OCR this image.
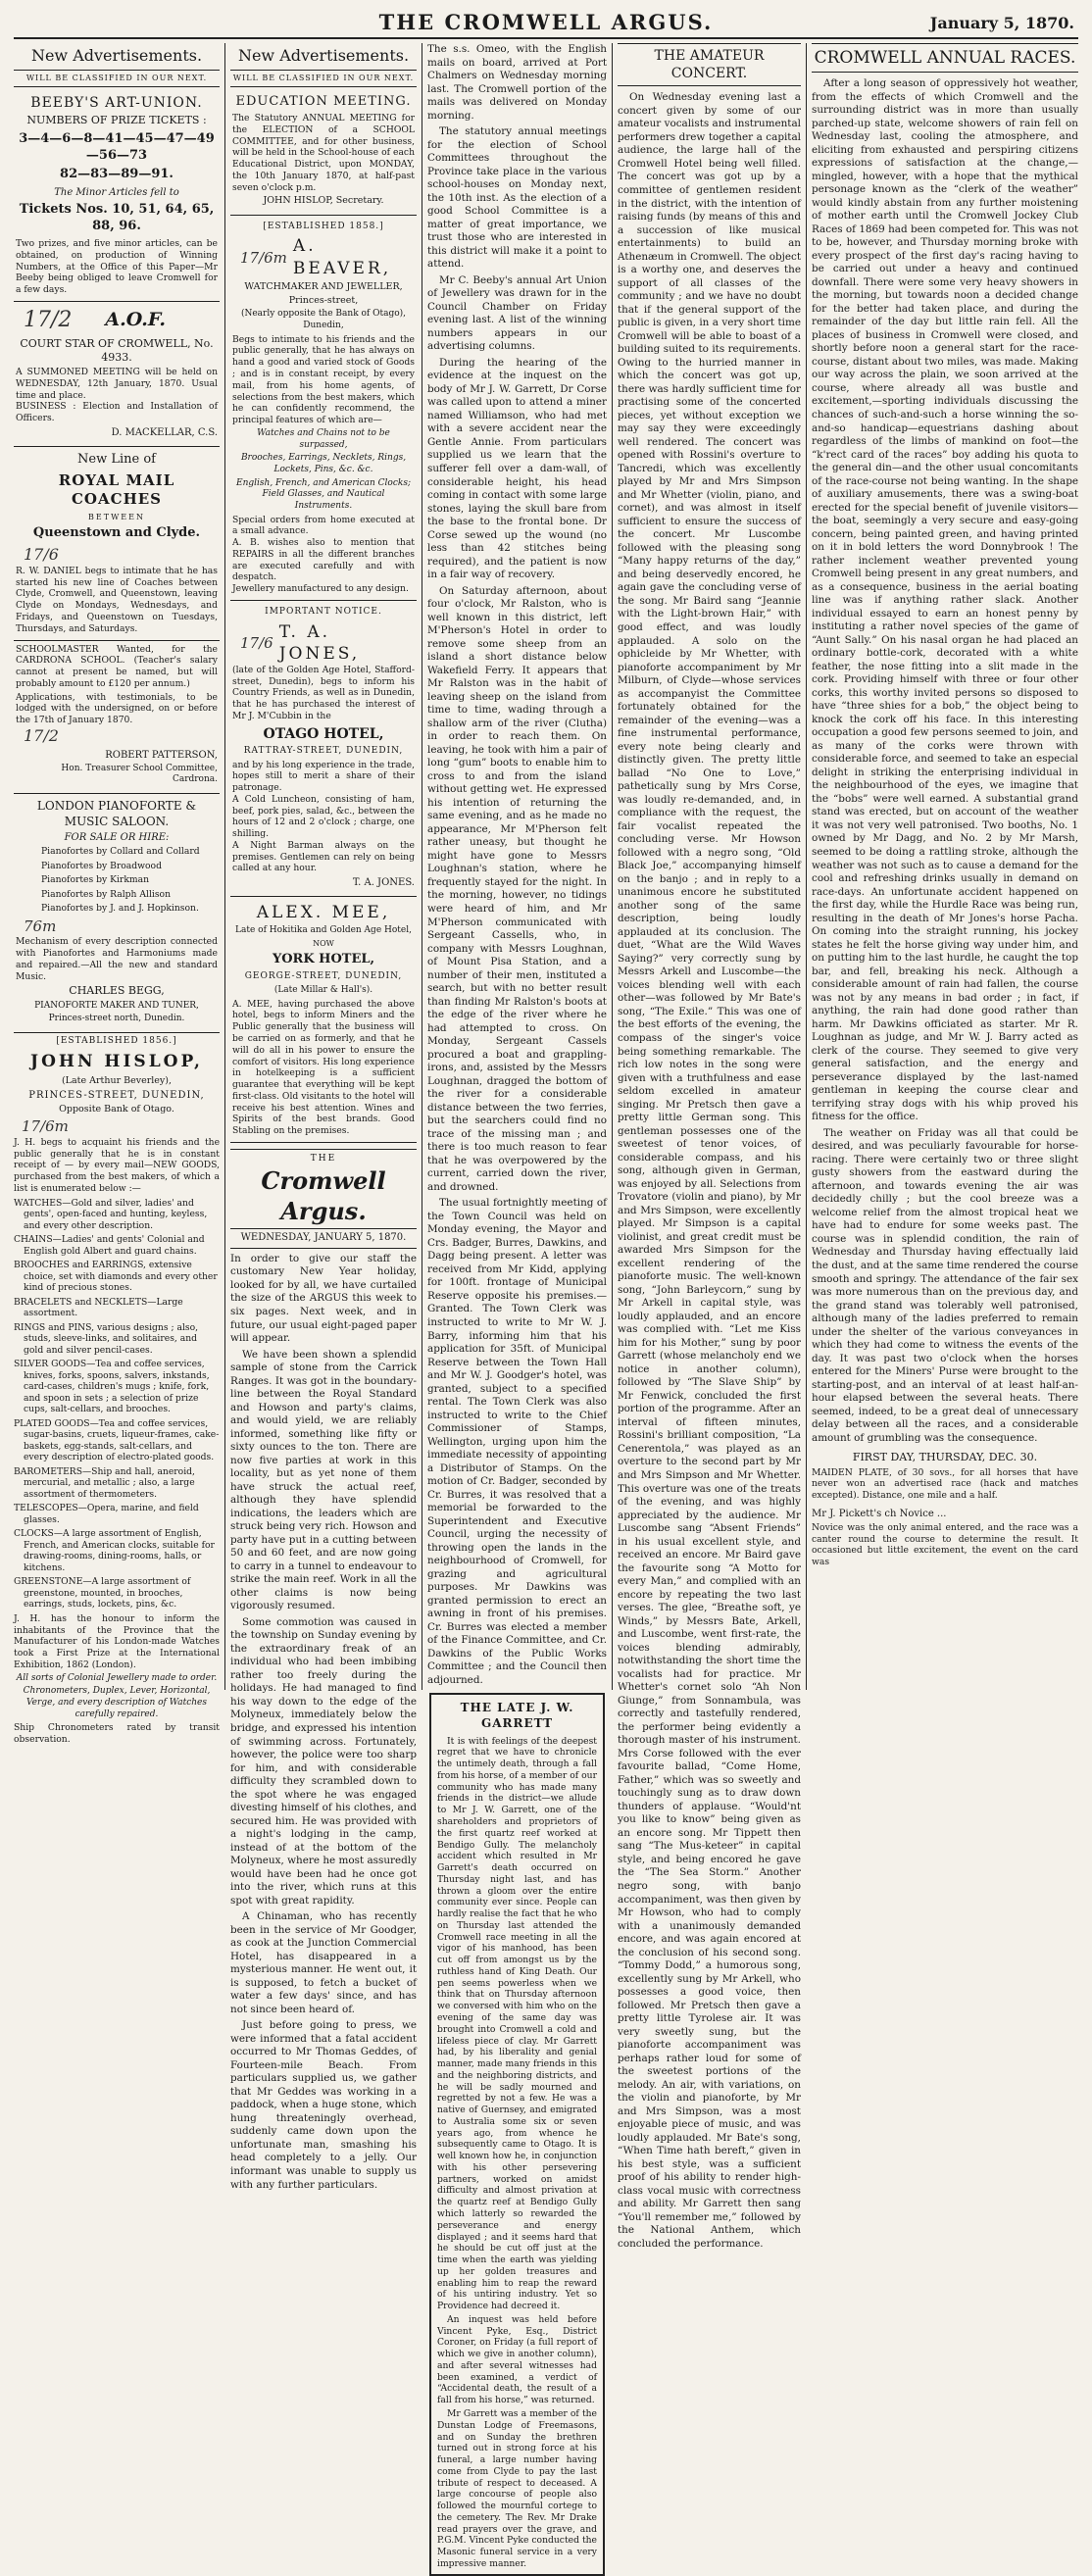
THE CROMWELL ARGUS.	January 5, 1870.
New Advertisements.
WILL BE CLASSIFIED IN OUR NEXT.
BEEBY'S ART-UNION.
NUMBERS OF PRIZE TICKETS :
3—4—6—8—41—45—47—49—56—73
82—83—89—91.
The Minor Articles fell to
Tickets Nos. 10, 51, 64, 65, 88, 96.

Two prizes, and five minor articles, can be obtained, on production of Winning Numbers, at the Office of this Paper—Mr Beeby being obliged to leave Cromwell for a few days.

17/2 A.O.F.
COURT STAR OF CROMWELL, No. 4933.

A SUMMONED MEETING will be held on WEDNESDAY, 12th January, 1870. Usual time and place.

BUSINESS : Election and Installation of Officers.

D. MACKELLAR, C.S.
New Line of
ROYAL MAIL COACHES
BETWEEN
Queenstown and Clyde.
17/6

R. W. DANIEL begs to intimate that he has started his new line of Coaches between Clyde, Cromwell, and Queenstown, leaving Clyde on Mondays, Wednesdays, and Fridays, and Queenstown on Tuesdays, Thursdays, and Saturdays.

SCHOOLMASTER Wanted, for the CARDRONA SCHOOL. (Teacher's salary cannot at present be named, but will probably amount to £120 per annum.)

Applications, with testimonials, to be lodged with the undersigned, on or before the 17th of January 1870.

17/2
ROBERT PATTERSON,
Hon. Treasurer School Committee, Cardrona.
LONDON PIANOFORTE & MUSIC SALOON.
FOR SALE OR HIRE:

Pianofortes by Collard and Collard

Pianofortes by Broadwood

Pianofortes by Kirkman

Pianofortes by Ralph Allison

Pianofortes by J. and J. Hopkinson.

76m

Mechanism of every description connected with Pianofortes and Harmoniums made and repaired.—All the new and standard Music.

CHARLES BEGG,
PIANOFORTE MAKER AND TUNER,
Princes-street north, Dunedin.
[ESTABLISHED 1856.]
JOHN HISLOP,
(Late Arthur Beverley),
PRINCES-STREET, DUNEDIN,
Opposite Bank of Otago.
17/6m

J. H. begs to acquaint his friends and the public generally that he is in constant receipt of — by every mail—NEW GOODS, purchased from the best makers, of which a list is enumerated below :—

WATCHES—Gold and silver, ladies' and gents', open-faced and hunting, keyless, and every other description.

CHAINS—Ladies' and gents' Colonial and English gold Albert and guard chains.

BROOCHES and EARRINGS, extensive choice, set with diamonds and every other kind of precious stones.

BRACELETS and NECKLETS—Large assortment.

RINGS and PINS, various designs ; also, studs, sleeve-links, and solitaires, and gold and silver pencil-cases.

SILVER GOODS—Tea and coffee services, knives, forks, spoons, salvers, inkstands, card-cases, children's mugs ; knife, fork, and spoon in sets ; a selection of prize cups, salt-cellars, and brooches.

PLATED GOODS—Tea and coffee services, sugar-basins, cruets, liqueur-frames, cake-baskets, egg-stands, salt-cellars, and every description of electro-plated goods.

BAROMETERS—Ship and hall, aneroid, mercurial, and metallic ; also, a large assortment of thermometers.

TELESCOPES—Opera, marine, and field glasses.

CLOCKS—A large assortment of English, French, and American clocks, suitable for drawing-rooms, dining-rooms, halls, or kitchens.

GREENSTONE—A large assortment of greenstone, mounted, in brooches, earrings, studs, lockets, pins, &c.

J. H. has the honour to inform the inhabitants of the Province that the Manufacturer of his London-made Watches took a First Prize at the International Exhibition, 1862 (London).

All sorts of Colonial Jewellery made to order.
Chronometers, Duplex, Lever, Horizontal, Verge, and every description of Watches carefully repaired.

Ship Chronometers rated by transit observation.

New Advertisements.
WILL BE CLASSIFIED IN OUR NEXT.
EDUCATION MEETING.

The Statutory ANNUAL MEETING for the ELECTION of a SCHOOL COMMITTEE, and for other business, will be held in the School-house of each Educational District, upon MONDAY, the 10th January 1870, at half-past seven o'clock p.m.

JOHN HISLOP, Secretary.
[ESTABLISHED 1858.]
17/6m
A. BEAVER,
WATCHMAKER AND JEWELLER,
Princes-street,
(Nearly opposite the Bank of Otago), Dunedin,

Begs to intimate to his friends and the public generally, that he has always on hand a good and varied stock of Goods ; and is in constant receipt, by every mail, from his home agents, of selections from the best makers, which he can confidently recommend, the principal features of which are—

Watches and Chains not to be surpassed,
Brooches, Earrings, Necklets, Rings, Lockets, Pins, &c. &c.
English, French, and American Clocks; Field Glasses, and Nautical Instruments.

Special orders from home executed at a small advance.

A. B. wishes also to mention that REPAIRS in all the different branches are executed carefully and with despatch.

Jewellery manufactured to any design.

IMPORTANT NOTICE.
17/6
T. A. JONES,

(late of the Golden Age Hotel, Stafford-street, Dunedin), begs to inform his Country Friends, as well as in Dunedin, that he has purchased the interest of Mr J. M'Cubbin in the

OTAGO HOTEL,
RATTRAY-STREET, DUNEDIN,

and by his long experience in the trade, hopes still to merit a share of their patronage.

A Cold Luncheon, consisting of ham, beef, pork pies, salad, &c., between the hours of 12 and 2 o'clock ; charge, one shilling.

A Night Barman always on the premises. Gentlemen can rely on being called at any hour.

T. A. JONES.
ALEX. MEE,
Late of Hokitika and Golden Age Hotel,
NOW
YORK HOTEL,
GEORGE-STREET, DUNEDIN,
(Late Millar & Hall's).

A. MEE, having purchased the above hotel, begs to inform Miners and the Public generally that the business will be carried on as formerly, and that he will do all in his power to ensure the comfort of visitors. His long experience in hotelkeeping is a sufficient guarantee that everything will be kept first-class. Old visitants to the hotel will receive his best attention. Wines and Spirits of the best brands. Good Stabling on the premises.

THE
Cromwell Argus.
WEDNESDAY, JANUARY 5, 1870.

In order to give our staff the customary New Year holiday, looked for by all, we have curtailed the size of the ARGUS this week to six pages. Next week, and in future, our usual eight-paged paper will appear.

We have been shown a splendid sample of stone from the Carrick Ranges. It was got in the boundary-line between the Royal Standard and Howson and party's claims, and would yield, we are reliably informed, something like fifty or sixty ounces to the ton. There are now five parties at work in this locality, but as yet none of them have struck the actual reef, although they have splendid indications, the leaders which are struck being very rich. Howson and party have put in a cutting between 50 and 60 feet, and are now going to carry in a tunnel to endeavour to strike the main reef. Work in all the other claims is now being vigorously resumed.

Some commotion was caused in the township on Sunday evening by the extraordinary freak of an individual who had been imbibing rather too freely during the holidays. He had managed to find his way down to the edge of the Molyneux, immediately below the bridge, and expressed his intention of swimming across. Fortunately, however, the police were too sharp for him, and with considerable difficulty they scrambled down to the spot where he was engaged divesting himself of his clothes, and secured him. He was provided with a night's lodging in the camp, instead of at the bottom of the Molyneux, where he most assuredly would have been had he once got into the river, which runs at this spot with great rapidity.

A Chinaman, who has recently been in the service of Mr Goodger, as cook at the Junction Commercial Hotel, has disappeared in a mysterious manner. He went out, it is supposed, to fetch a bucket of water a few days' since, and has not since been heard of.

Just before going to press, we were informed that a fatal accident occurred to Mr Thomas Geddes, of Fourteen-mile Beach. From particulars supplied us, we gather that Mr Geddes was working in a paddock, when a huge stone, which hung threateningly overhead, suddenly came down upon the unfortunate man, smashing his head completely to a jelly. Our informant was unable to supply us with any further particulars.

The s.s. Omeo, with the English mails on board, arrived at Port Chalmers on Wednesday morning last. The Cromwell portion of the mails was delivered on Monday morning.

The statutory annual meetings for the election of School Committees throughout the Province take place in the various school-houses on Monday next, the 10th inst. As the election of a good School Committee is a matter of great importance, we trust those who are interested in this district will make it a point to attend.

Mr C. Beeby's annual Art Union of Jewellery was drawn for in the Council Chamber on Friday evening last. A list of the winning numbers appears in our advertising columns.

During the hearing of the evidence at the inquest on the body of Mr J. W. Garrett, Dr Corse was called upon to attend a miner named Williamson, who had met with a severe accident near the Gentle Annie. From particulars supplied us we learn that the sufferer fell over a dam-wall, of considerable height, his head coming in contact with some large stones, laying the skull bare from the base to the frontal bone. Dr Corse sewed up the wound (no less than 42 stitches being required), and the patient is now in a fair way of recovery.

On Saturday afternoon, about four o'clock, Mr Ralston, who is well known in this district, left M'Pherson's Hotel in order to remove some sheep from an island a short distance below Wakefield Ferry. It appears that Mr Ralston was in the habit of leaving sheep on the island from time to time, wading through a shallow arm of the river (Clutha) in order to reach them. On leaving, he took with him a pair of long “gum” boots to enable him to cross to and from the island without getting wet. He expressed his intention of returning the same evening, and as he made no appearance, Mr M'Pherson felt rather uneasy, but thought he might have gone to Messrs Loughnan's station, where he frequently stayed for the night. In the morning, however, no tidings were heard of him, and Mr M'Pherson communicated with Sergeant Cassells, who, in company with Messrs Loughnan, of Mount Pisa Station, and a number of their men, instituted a search, but with no better result than finding Mr Ralston's boots at the edge of the river where he had attempted to cross. On Monday, Sergeant Cassels procured a boat and grappling-irons, and, assisted by the Messrs Loughnan, dragged the bottom of the river for a considerable distance between the two ferries, but the searchers could find no trace of the missing man ; and there is too much reason to fear that he was overpowered by the current, carried down the river, and drowned.

The usual fortnightly meeting of the Town Council was held on Monday evening, the Mayor and Crs. Badger, Burres, Dawkins, and Dagg being present. A letter was received from Mr Kidd, applying for 100ft. frontage of Municipal Reserve opposite his premises.—Granted. The Town Clerk was instructed to write to Mr W. J. Barry, informing him that his application for 35ft. of Municipal Reserve between the Town Hall and Mr W. J. Goodger's hotel, was granted, subject to a specified rental. The Town Clerk was also instructed to write to the Chief Commissioner of Stamps, Wellington, urging upon him the immediate necessity of appointing a Distributor of Stamps. On the motion of Cr. Badger, seconded by Cr. Burres, it was resolved that a memorial be forwarded to the Superintendent and Executive Council, urging the necessity of throwing open the lands in the neighbourhood of Cromwell, for grazing and agricultural purposes. Mr Dawkins was granted permission to erect an awning in front of his premises. Cr. Burres was elected a member of the Finance Committee, and Cr. Dawkins of the Public Works Committee ; and the Council then adjourned.

THE LATE J. W. GARRETT

It is with feelings of the deepest regret that we have to chronicle the untimely death, through a fall from his horse, of a member of our community who has made many friends in the district—we allude to Mr J. W. Garrett, one of the shareholders and proprietors of the first quartz reef worked at Bendigo Gully. The melancholy accident which resulted in Mr Garrett's death occurred on Thursday night last, and has thrown a gloom over the entire community ever since. People can hardly realise the fact that he who on Thursday last attended the Cromwell race meeting in all the vigor of his manhood, has been cut off from amongst us by the ruthless hand of King Death. Our pen seems powerless when we think that on Thursday afternoon we conversed with him who on the evening of the same day was brought into Cromwell a cold and lifeless piece of clay. Mr Garrett had, by his liberality and genial manner, made many friends in this and the neighboring districts, and he will be sadly mourned and regretted by not a few. He was a native of Guernsey, and emigrated to Australia some six or seven years ago, from whence he subsequently came to Otago. It is well known how he, in conjunction with his other persevering partners, worked on amidst difficulty and almost privation at the quartz reef at Bendigo Gully which latterly so rewarded the perseverance and energy displayed ; and it seems hard that he should be cut off just at the time when the earth was yielding up her golden treasures and enabling him to reap the reward of his untiring industry. Yet so Providence had decreed it.

An inquest was held before Vincent Pyke, Esq., District Coroner, on Friday (a full report of which we give in another column), and after several witnesses had been examined, a verdict of “Accidental death, the result of a fall from his horse,” was returned.

Mr Garrett was a member of the Dunstan Lodge of Freemasons, and on Sunday the brethren turned out in strong force at his funeral, a large number having come from Clyde to pay the last tribute of respect to deceased. A large concourse of people also followed the mournful cortege to the cemetery. The Rev. Mr Drake read prayers over the grave, and P.G.M. Vincent Pyke conducted the Masonic funeral service in a very impressive manner.

THE AMATEUR CONCERT.

On Wednesday evening last a concert given by some of our amateur vocalists and instrumental performers drew together a capital audience, the large hall of the Cromwell Hotel being well filled. The concert was got up by a committee of gentlemen resident in the district, with the intention of raising funds (by means of this and a succession of like musical entertainments) to build an Athenæum in Cromwell. The object is a worthy one, and deserves the support of all classes of the community ; and we have no doubt that if the general support of the public is given, in a very short time Cromwell will be able to boast of a building suited to its requirements. Owing to the hurried manner in which the concert was got up, there was hardly sufficient time for practising some of the concerted pieces, yet without exception we may say they were exceedingly well rendered. The concert was opened with Rossini's overture to Tancredi, which was excellently played by Mr and Mrs Simpson and Mr Whetter (violin, piano, and cornet), and was almost in itself sufficient to ensure the success of the concert. Mr Luscombe followed with the pleasing song “Many happy returns of the day,” and being deservedly encored, he again gave the concluding verse of the song. Mr Baird sang “Jeannie with the Light-brown Hair,” with good effect, and was loudly applauded. A solo on the ophicleide by Mr Whetter, with pianoforte accompaniment by Mr Milburn, of Clyde—whose services as accompanyist the Committee fortunately obtained for the remainder of the evening—was a fine instrumental performance, every note being clearly and distinctly given. The pretty little ballad “No One to Love,” pathetically sung by Mrs Corse, was loudly re-demanded, and, in compliance with the request, the fair vocalist repeated the concluding verse. Mr Howson followed with a negro song, “Old Black Joe,” accompanying himself on the banjo ; and in reply to a unanimous encore he substituted another song of the same description, being loudly applauded at its conclusion. The duet, “What are the Wild Waves Saying?” very correctly sung by Messrs Arkell and Luscombe—the voices blending well with each other—was followed by Mr Bate's song, “The Exile.” This was one of the best efforts of the evening, the compass of the singer's voice being something remarkable. The rich low notes in the song were given with a truthfulness and ease seldom excelled in amateur singing. Mr Pretsch then gave a pretty little German song. This gentleman possesses one of the sweetest of tenor voices, of considerable compass, and his song, although given in German, was enjoyed by all. Selections from Trovatore (violin and piano), by Mr and Mrs Simpson, were excellently played. Mr Simpson is a capital violinist, and great credit must be awarded Mrs Simpson for the excellent rendering of the pianoforte music. The well-known song, “John Barleycorn,” sung by Mr Arkell in capital style, was loudly applauded, and an encore was complied with. “Let me Kiss him for his Mother,” sung by poor Garrett (whose melancholy end we notice in another column), followed by “The Slave Ship” by Mr Fenwick, concluded the first portion of the programme. After an interval of fifteen minutes, Rossini's brilliant composition, “La Cenerentola,” was played as an overture to the second part by Mr and Mrs Simpson and Mr Whetter. This overture was one of the treats of the evening, and was highly appreciated by the audience. Mr Luscombe sang “Absent Friends” in his usual excellent style, and received an encore. Mr Baird gave the favourite song “A Motto for every Man,” and complied with an encore by repeating the two last verses. The glee, “Breathe soft, ye Winds,” by Messrs Bate, Arkell, and Luscombe, went first-rate, the voices blending admirably, notwithstanding the short time the vocalists had for practice. Mr Whetter's cornet solo “Ah Non Giunge,” from Sonnambula, was correctly and tastefully rendered, the performer being evidently a thorough master of his instrument. Mrs Corse followed with the ever favourite ballad, “Come Home, Father,” which was so sweetly and touchingly sung as to draw down thunders of applause. “Would'nt you like to know” being given as an encore song. Mr Tippett then sang “The Mus-keteer” in capital style, and being encored he gave the “The Sea Storm.” Another negro song, with banjo accompaniment, was then given by Mr Howson, who had to comply with a unanimously demanded encore, and was again encored at the conclusion of his second song. “Tommy Dodd,” a humorous song, excellently sung by Mr Arkell, who possesses a good voice, then followed. Mr Pretsch then gave a pretty little Tyrolese air. It was very sweetly sung, but the pianoforte accompaniment was perhaps rather loud for some of the sweetest portions of the melody. An air, with variations, on the violin and pianoforte, by Mr and Mrs Simpson, was a most enjoyable piece of music, and was loudly applauded. Mr Bate's song, “When Time hath bereft,” given in his best style, was a sufficient proof of his ability to render high-class vocal music with correctness and ability. Mr Garrett then sang “You'll remember me,” followed by the National Anthem, which concluded the performance.

CROMWELL ANNUAL RACES.

After a long season of oppressively hot weather, from the effects of which Cromwell and the surrounding district was in more than usually parched-up state, welcome showers of rain fell on Wednesday last, cooling the atmosphere, and eliciting from exhausted and perspiring citizens expressions of satisfaction at the change,—mingled, however, with a hope that the mythical personage known as the “clerk of the weather” would kindly abstain from any further moistening of mother earth until the Cromwell Jockey Club Races of 1869 had been competed for. This was not to be, however, and Thursday morning broke with every prospect of the first day's racing having to be carried out under a heavy and continued downfall. There were some very heavy showers in the morning, but towards noon a decided change for the better had taken place, and during the remainder of the day but little rain fell. All the places of business in Cromwell were closed, and shortly before noon a general start for the race-course, distant about two miles, was made. Making our way across the plain, we soon arrived at the course, where already all was bustle and excitement,—sporting individuals discussing the chances of such-and-such a horse winning the so-and-so handicap—equestrians dashing about regardless of the limbs of mankind on foot—the “k'rect card of the races” boy adding his quota to the general din—and the other usual concomitants of the race-course not being wanting. In the shape of auxiliary amusements, there was a swing-boat erected for the special benefit of juvenile visitors—the boat, seemingly a very secure and easy-going concern, being painted green, and having printed on it in bold letters the word Donnybrook ! The rather inclement weather prevented young Cromwell being present in any great numbers, and as a consequence, business in the aerial boating line was if anything rather slack. Another individual essayed to earn an honest penny by instituting a rather novel species of the game of “Aunt Sally.” On his nasal organ he had placed an ordinary bottle-cork, decorated with a white feather, the nose fitting into a slit made in the cork. Providing himself with three or four other corks, this worthy invited persons so disposed to have “three shies for a bob,” the object being to knock the cork off his face. In this interesting occupation a good few persons seemed to join, and as many of the corks were thrown with considerable force, and seemed to take an especial delight in striking the enterprising individual in the neighbourhood of the eyes, we imagine that the “bobs” were well earned. A substantial grand stand was erected, but on account of the weather it was not very well patronised. Two booths, No. 1 owned by Mr Dagg, and No. 2 by Mr Marsh, seemed to be doing a rattling stroke, although the weather was not such as to cause a demand for the cool and refreshing drinks usually in demand on race-days. An unfortunate accident happened on the first day, while the Hurdle Race was being run, resulting in the death of Mr Jones's horse Pacha. On coming into the straight running, his jockey states he felt the horse giving way under him, and on putting him to the last hurdle, he caught the top bar, and fell, breaking his neck. Although a considerable amount of rain had fallen, the course was not by any means in bad order ; in fact, if anything, the rain had done good rather than harm. Mr Dawkins officiated as starter. Mr R. Loughnan as judge, and Mr W. J. Barry acted as clerk of the course. They seemed to give very general satisfaction, and the energy and perseverance displayed by the last-named gentleman in keeping the course clear and terrifying stray dogs with his whip proved his fitness for the office.

The weather on Friday was all that could be desired, and was peculiarly favourable for horse-racing. There were certainly two or three slight gusty showers from the eastward during the afternoon, and towards evening the air was decidedly chilly ; but the cool breeze was a welcome relief from the almost tropical heat we have had to endure for some weeks past. The course was in splendid condition, the rain of Wednesday and Thursday having effectually laid the dust, and at the same time rendered the course smooth and springy. The attendance of the fair sex was more numerous than on the previous day, and the grand stand was tolerably well patronised, although many of the ladies preferred to remain under the shelter of the various conveyances in which they had come to witness the events of the day. It was past two o'clock when the horses entered for the Miners' Purse were brought to the starting-post, and an interval of at least half-an-hour elapsed between the several heats. There seemed, indeed, to be a great deal of unnecessary delay between all the races, and a considerable amount of grumbling was the consequence.

FIRST DAY, THURSDAY, DEC. 30.

MAIDEN PLATE, of 30 sovs., for all horses that have never won an advertised race (hack and matches excepted). Distance, one mile and a half.

Mr J. Pickett's ch Novice ...

Novice was the only animal entered, and the race was a canter round the course to determine the result. It occasioned but little excitement, the event on the card was
